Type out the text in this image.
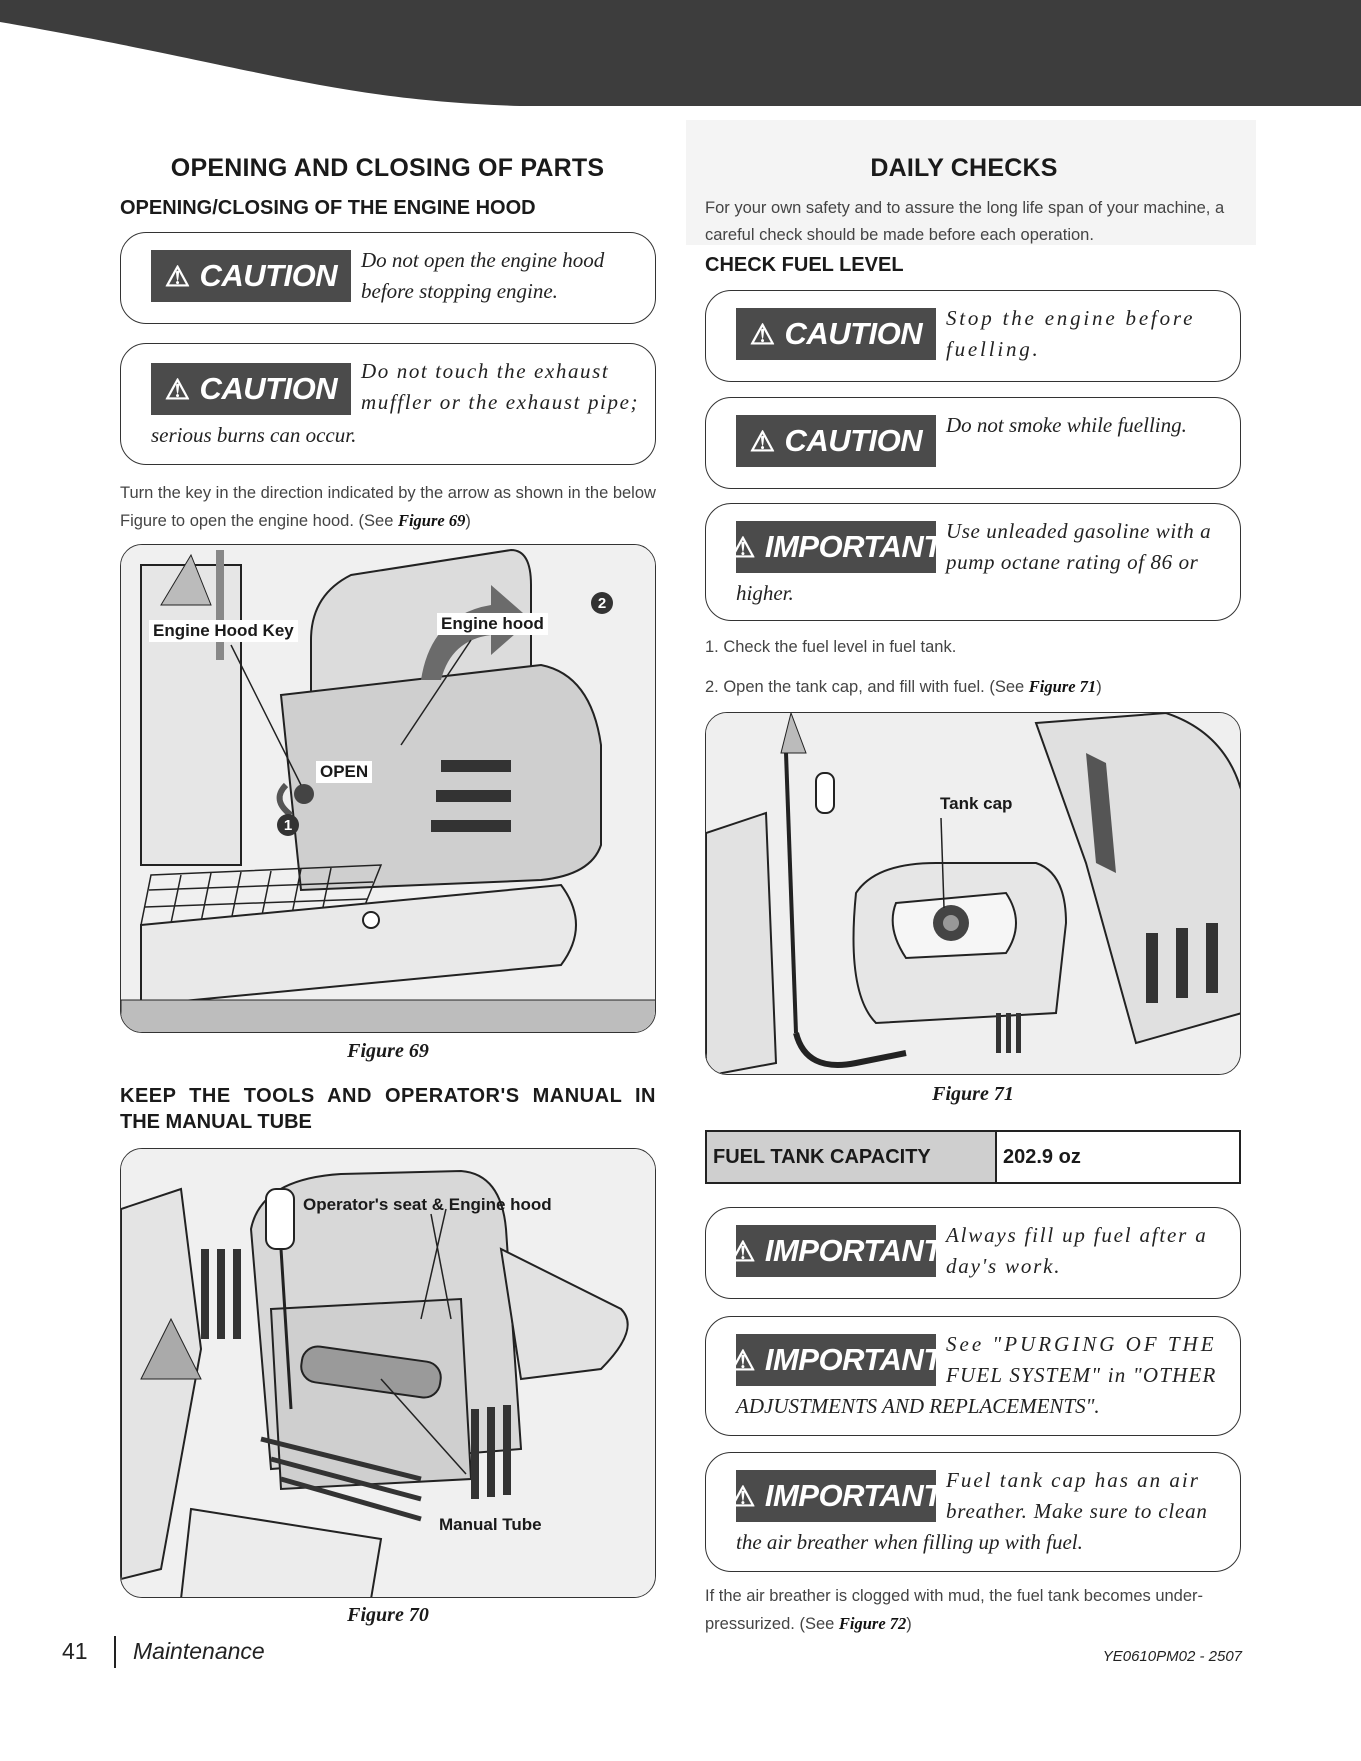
OPENING AND CLOSING OF PARTS
OPENING/CLOSING OF THE ENGINE HOOD
⚠ CAUTION Do not open the engine hood before stopping engine.
⚠ CAUTION Do not touch the exhaust
muffler or the exhaust pipe;
serious burns can occur.
Turn the key in the direction indicated by the arrow as shown in the below Figure to open the engine hood. (See Figure 69)
Engine Hood Key	Engine hood
OPEN
1
2
Figure 69
KEEP THE TOOLS AND OPERATOR'S MANUAL IN
THE MANUAL TUBE
Operator's seat & Engine hood
Manual Tube
Figure 70
DAILY CHECKS
For your own safety and to assure the long life span of your machine, a careful check should be made before each operation.
CHECK FUEL LEVEL
⚠ CAUTION Stop the engine before fuelling.
⚠ CAUTION Do not smoke while fuelling.
⚠ IMPORTANT Use unleaded gasoline with a
pump octane rating of 86 or
higher.
1. Check the fuel level in fuel tank.
2. Open the tank cap, and fill with fuel. (See Figure 71)
Tank cap
Figure 71
FUEL TANK CAPACITY	202.9 oz
⚠ IMPORTANT Always fill up fuel after a day's work.
⚠ IMPORTANT See "PURGING OF THE
FUEL SYSTEM" in "OTHER
ADJUSTMENTS AND REPLACEMENTS".
⚠ IMPORTANT Fuel tank cap has an air
breather. Make sure to clean
the air breather when filling up with fuel.
If the air breather is clogged with mud, the fuel tank becomes under-pressurized. (See Figure 72)
41 Maintenance	YE0610PM02 - 2507
